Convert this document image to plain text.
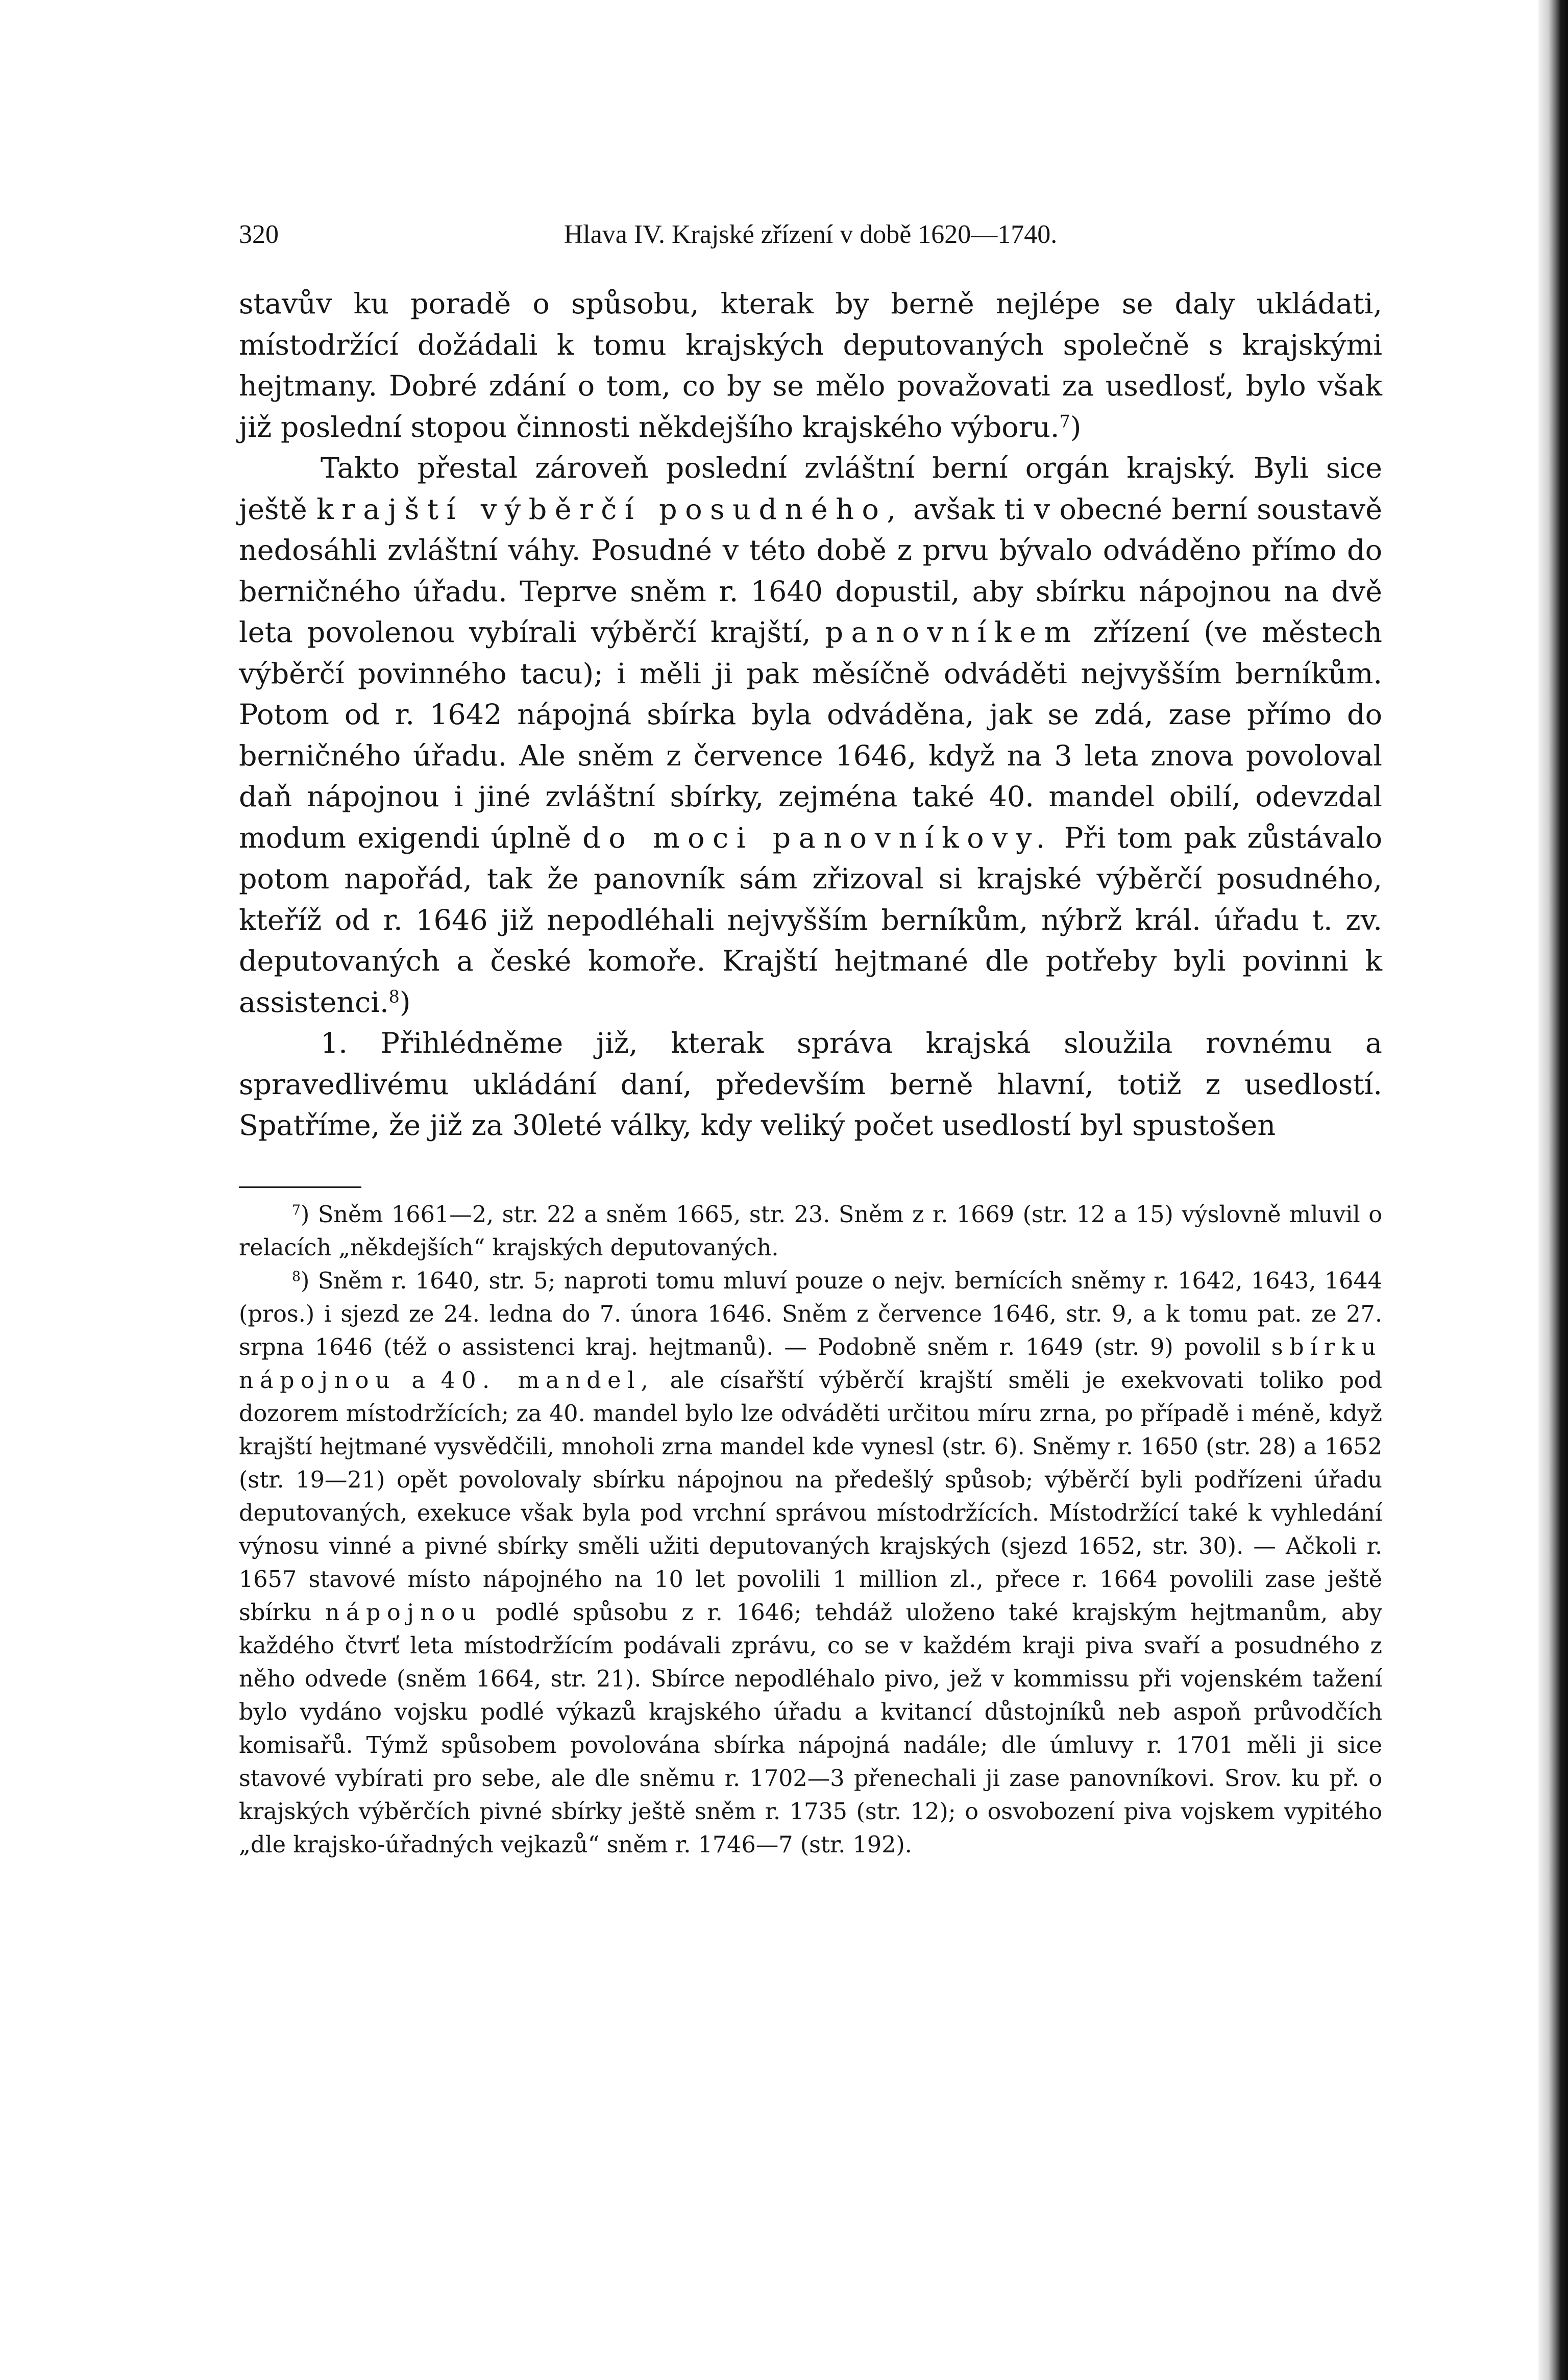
320	Hlava IV. Krajské zřízení v době 1620—1740.

stavův ku poradě o spůsobu, kterak by berně nejlépe se daly ukládati, místodržící dožádali k tomu krajských deputovaných společně s krajskými hejtmany. Dobré zdání o tom, co by se mělo považovati za usedlosť, bylo však již poslední stopou činnosti někdejšího krajského výboru.$^7$)

Takto přestal zároveň poslední zvláštní berní orgán krajský. Byli sice ještě krajští výběrčí posudného, avšak ti v obecné berní soustavě nedosáhli zvláštní váhy. Posudné v této době z prvu bývalo odváděno přímo do berničného úřadu. Teprve sněm r. 1640 dopustil, aby sbírku nápojnou na dvě leta povolenou vybírali výběrčí krajští, panovníkem zřízení (ve městech výběrčí povinného tacu); i měli ji pak měsíčně odváděti nejvyšším berníkům. Potom od r. 1642 nápojná sbírka byla odváděna, jak se zdá, zase přímo do berničného úřadu. Ale sněm z července 1646, když na 3 leta znova povoloval daň nápojnou i jiné zvláštní sbírky, zejména také 40. mandel obilí, odevzdal modum exigendi úplně do moci panovníkovy. Při tom pak zůstávalo potom napořád, tak že panovník sám zřizoval si krajské výběrčí posudného, kteříž od r. 1646 již nepodléhali nejvyšším berníkům, nýbrž král. úřadu t. zv. deputovaných a české komoře. Krajští hejtmané dle potřeby byli povinni k assistenci.$^8$)

1. Přihlédněme již, kterak správa krajská sloužila rovnému a spravedlivému ukládání daní, především berně hlavní, totiž z usedlostí. Spatříme, že již za 30leté války, kdy veliký počet usedlostí byl spustošen

$^7$) Sněm 1661—2, str. 22 a sněm 1665, str. 23. Sněm z r. 1669 (str. 12 a 15) výslovně mluvil o relacích „někdejších“ krajských deputovaných.

$^8$) Sněm r. 1640, str. 5; naproti tomu mluví pouze o nejv. bernících sněmy r. 1642, 1643, 1644 (pros.) i sjezd ze 24. ledna do 7. února 1646. Sněm z července 1646, str. 9, a k tomu pat. ze 27. srpna 1646 (též o assistenci kraj. hejtmanů). — Podobně sněm r. 1649 (str. 9) povolil sbírku nápojnou a 40. mandel, ale císařští výběrčí krajští směli je exekvovati toliko pod dozorem místodržících; za 40. mandel bylo lze odváděti určitou míru zrna, po případě i méně, když krajští hejtmané vysvědčili, mnoholi zrna mandel kde vynesl (str. 6). Sněmy r. 1650 (str. 28) a 1652 (str. 19—21) opět povolovaly sbírku nápojnou na předešlý spůsob; výběrčí byli podřízeni úřadu deputovaných, exekuce však byla pod vrchní správou místodržících. Místodržící také k vyhledání výnosu vinné a pivné sbírky směli užiti deputovaných krajských (sjezd 1652, str. 30). — Ačkoli r. 1657 stavové místo nápojného na 10 let povolili 1 million zl., přece r. 1664 povolili zase ještě sbírku nápojnou podlé spůsobu z r. 1646; tehdáž uloženo také krajským hejtmanům, aby každého čtvrť leta místodržícím podávali zprávu, co se v každém kraji piva svaří a posudného z něho odvede (sněm 1664, str. 21). Sbírce nepodléhalo pivo, jež v kommissu při vojenském tažení bylo vydáno vojsku podlé výkazů krajského úřadu a kvitancí důstojníků neb aspoň průvodčích komisařů. Týmž spůsobem povolována sbírka nápojná nadále; dle úmluvy r. 1701 měli ji sice stavové vybírati pro sebe, ale dle sněmu r. 1702—3 přenechali ji zase panovníkovi. Srov. ku př. o krajských výběrčích pivné sbírky ještě sněm r. 1735 (str. 12); o osvobození piva vojskem vypitého „dle krajsko-úřadných vejkazů“ sněm r. 1746—7 (str. 192).
